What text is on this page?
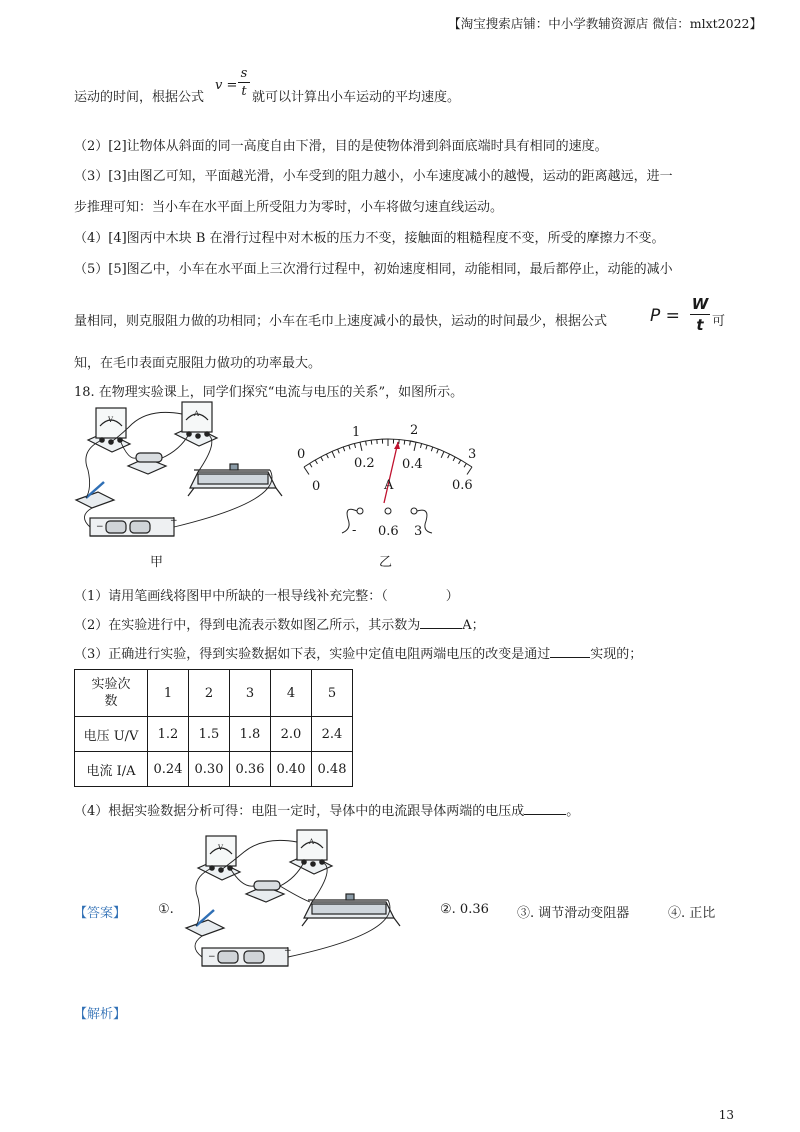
【淘宝搜索店铺：中小学教辅资源店 微信：mlxt2022】
运动的时间，根据公式
v =
s
t 就可以计算出小车运动的平均速度。
（2）[2]让物体从斜面的同一高度自由下滑，目的是使物体滑到斜面底端时具有相同的速度。
（3）[3]由图乙可知，平面越光滑，小车受到的阻力越小，小车速度减小的越慢，运动的距离越远，进一
步推理可知：当小车在水平面上所受阻力为零时，小车将做匀速直线运动。
（4）[4]图丙中木块 B 在滑行过程中对木板的压力不变，接触面的粗糙程度不变，所受的摩擦力不变。
（5）[5]图乙中，小车在水平面上三次滑行过程中，初始速度相同，动能相同，最后都停止，动能的减小
量相同，则克服阻力做的功相同；小车在毛巾上速度减小的最快，运动的时间最少，根据公式	P =
W
t 可
知，在毛巾表面克服阻力做功的功率最大。
18. 在物理实验课上，同学们探究“电流与电压的关系”，如图所示。
−
+
V
A
甲
0
1	2
3
0
0.2 0.4
0.6
A
- 0.6 3
乙
（1）请用笔画线将图甲中所缺的一根导线补充完整：（	）
（2）在实验进行中，得到电流表示数如图乙所示，其示数为	A；
（3）正确进行实验，得到实验数据如下表，实验中定值电阻两端电压的改变是通过	实现的；
实验次数	1	2	3	4	5
电压 U/V	1.2	1.5	1.8	2.0	2.4
电流 I/A	0.24	0.30	0.36	0.40	0.48
（4）根据实验数据分析可得：电阻一定时，导体中的电流跟导体两端的电压成	。
【答案】 ①.
−
+
V
A
②. 0.36 ③. 调节滑动变阻器	④. 正比
【解析】
13
